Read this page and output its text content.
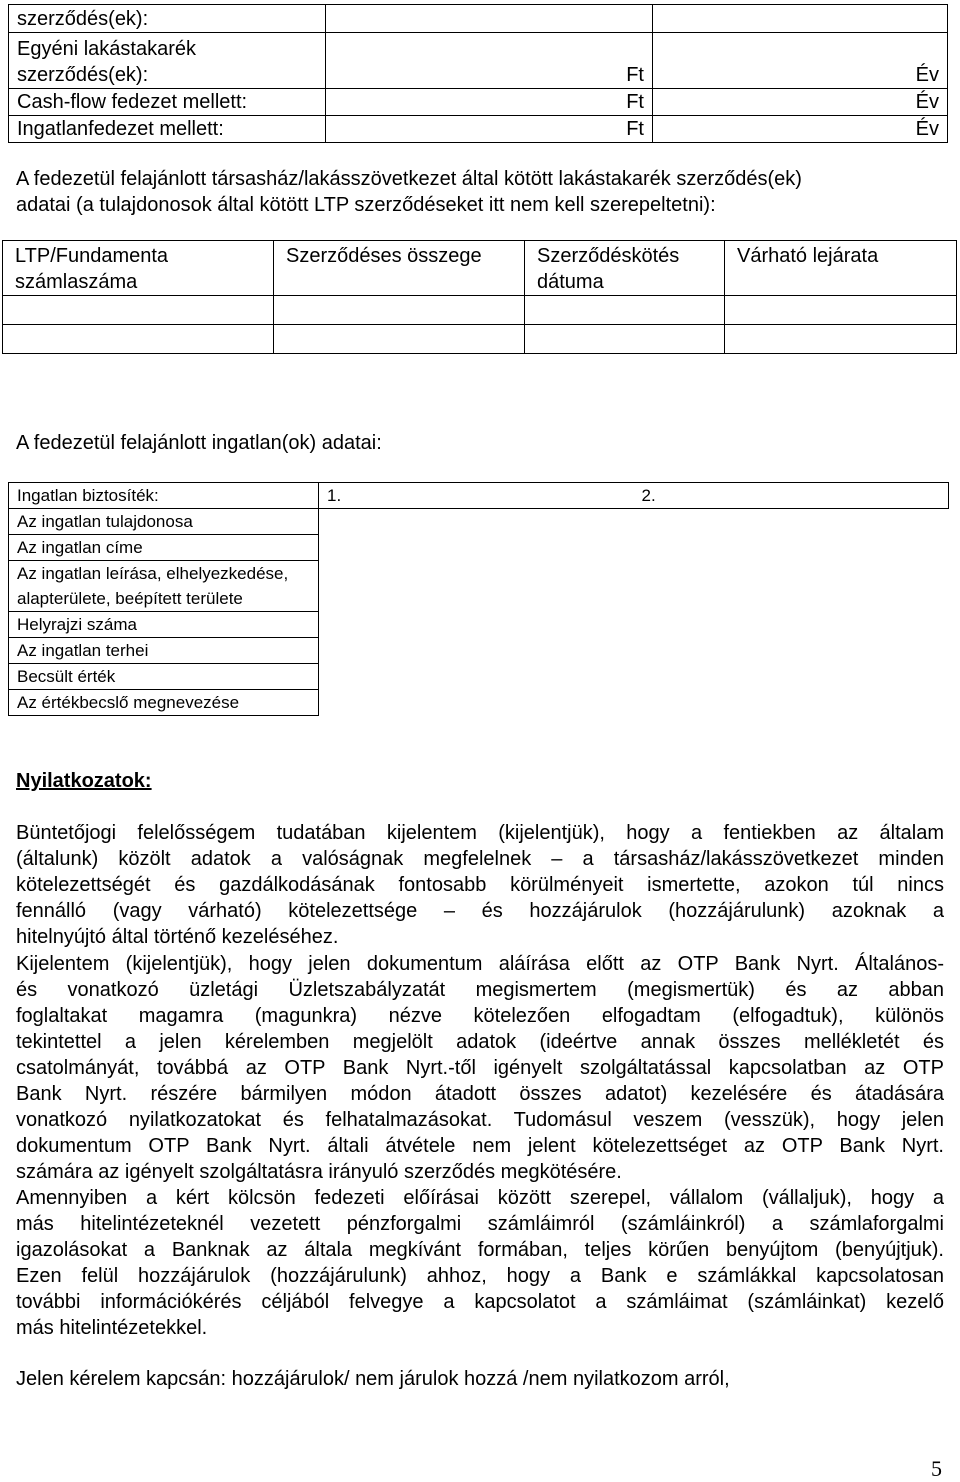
szerződés(ek):		
Egyéni lakástakarék szerződés(ek):	Ft	Év
Cash-flow fedezet mellett:	Ft	Év
Ingatlanfedezet mellett:	Ft	Év
A fedezetül felajánlott társasház/lakásszövetkezet által kötött lakástakarék szerződés(ek)
adatai (a tulajdonosok által kötött LTP szerződéseket itt nem kell szerepeltetni):
LTP/Fundamenta számlaszáma	Szerződéses összege	Szerződéskötés dátuma	Várható lejárata

A fedezetül felajánlott ingatlan(ok) adatai:
Ingatlan biztosíték:	1.	2.
Az ingatlan tulajdonosa		
Az ingatlan címe		
Az ingatlan leírása, elhelyezkedése, alapterülete, beépített területe		
Helyrajzi száma		
Az ingatlan terhei		
Becsült érték		
Az értékbecslő megnevezése		
Nyilatkozatok:
Büntetőjogi felelősségem tudatában kijelentem (kijelentjük), hogy a fentiekben az általam
(általunk) közölt adatok a valóságnak megfelelnek – a társasház/lakásszövetkezet minden
kötelezettségét és gazdálkodásának fontosabb körülményeit ismertette, azokon túl nincs
fennálló (vagy várható) kötelezettsége – és hozzájárulok (hozzájárulunk) azoknak a
hitelnyújtó által történő kezeléséhez.
Kijelentem (kijelentjük), hogy jelen dokumentum aláírása előtt az OTP Bank Nyrt. Általános-
és vonatkozó üzletági Üzletszabályzatát megismertem (megismertük) és az abban
foglaltakat magamra (magunkra) nézve kötelezően elfogadtam (elfogadtuk), különös
tekintettel a jelen kérelemben megjelölt adatok (ideértve annak összes mellékletét és
csatolmányát, továbbá az OTP Bank Nyrt.-től igényelt szolgáltatással kapcsolatban az OTP
Bank Nyrt. részére bármilyen módon átadott összes adatot) kezelésére és átadására
vonatkozó nyilatkozatokat és felhatalmazásokat. Tudomásul veszem (vesszük), hogy jelen
dokumentum OTP Bank Nyrt. általi átvétele nem jelent kötelezettséget az OTP Bank Nyrt.
számára az igényelt szolgáltatásra irányuló szerződés megkötésére.
Amennyiben a kért kölcsön fedezeti előírásai között szerepel, vállalom (vállaljuk), hogy a
más hitelintézeteknél vezetett pénzforgalmi számláimról (számláinkról) a számlaforgalmi
igazolásokat a Banknak az általa megkívánt formában, teljes körűen benyújtom (benyújtjuk).
Ezen felül hozzájárulok (hozzájárulunk) ahhoz, hogy a Bank e számlákkal kapcsolatosan
további információkérés céljából felvegye a kapcsolatot a számláimat (számláinkat) kezelő
más hitelintézetekkel.
Jelen kérelem kapcsán: hozzájárulok/ nem járulok hozzá /nem nyilatkozom arról,
5
